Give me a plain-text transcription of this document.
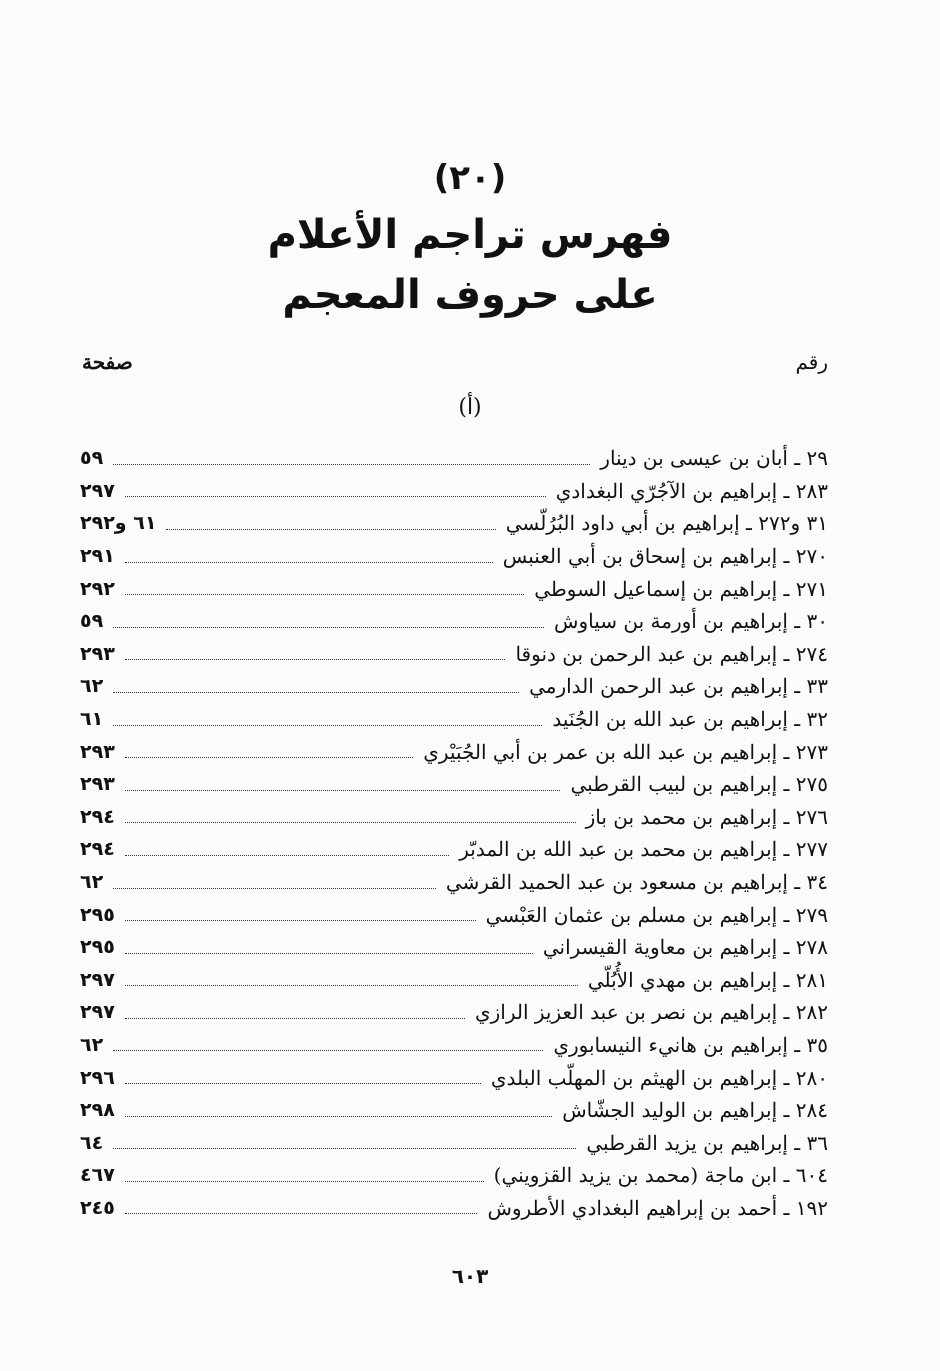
(٢٠)
فهرس تراجم الأعلام
على حروف المعجم
رقم
صفحة
(أ)
٢٩ ـ أبان بن عيسى بن دينار
٥٩
٢٨٣ ـ إبراهيم بن الآجُرّي البغدادي
٢٩٧
٣١ و٢٧٢ ـ إبراهيم بن أبي داود البُرُلّسي
٦١ و٢٩٢
٢٧٠ ـ إبراهيم بن إسحاق بن أبي العنبس
٢٩١
٢٧١ ـ إبراهيم بن إسماعيل السوطي
٢٩٢
٣٠ ـ إبراهيم بن أورمة بن سياوش
٥٩
٢٧٤ ـ إبراهيم بن عبد الرحمن بن دنوقا
٢٩٣
٣٣ ـ إبراهيم بن عبد الرحمن الدارمي
٦٢
٣٢ ـ إبراهيم بن عبد الله بن الجُنَيد
٦١
٢٧٣ ـ إبراهيم بن عبد الله بن عمر بن أبي الجُبَيْري
٢٩٣
٢٧٥ ـ إبراهيم بن لبيب القرطبي
٢٩٣
٢٧٦ ـ إبراهيم بن محمد بن باز
٢٩٤
٢٧٧ ـ إبراهيم بن محمد بن عبد الله بن المدبّر
٢٩٤
٣٤ ـ إبراهيم بن مسعود بن عبد الحميد القرشي
٦٢
٢٧٩ ـ إبراهيم بن مسلم بن عثمان العَبْسي
٢٩٥
٢٧٨ ـ إبراهيم بن معاوية القيسراني
٢٩٥
٢٨١ ـ إبراهيم بن مهدي الأُبُلّي
٢٩٧
٢٨٢ ـ إبراهيم بن نصر بن عبد العزيز الرازي
٢٩٧
٣٥ ـ إبراهيم بن هانيء النيسابوري
٦٢
٢٨٠ ـ إبراهيم بن الهيثم بن المهلّب البلدي
٢٩٦
٢٨٤ ـ إبراهيم بن الوليد الجشّاش
٢٩٨
٣٦ ـ إبراهيم بن يزيد القرطبي
٦٤
٦٠٤ ـ ابن ماجة (محمد بن يزيد القزويني)
٤٦٧
١٩٢ ـ أحمد بن إبراهيم البغدادي الأطروش
٢٤٥
٦٠٣
